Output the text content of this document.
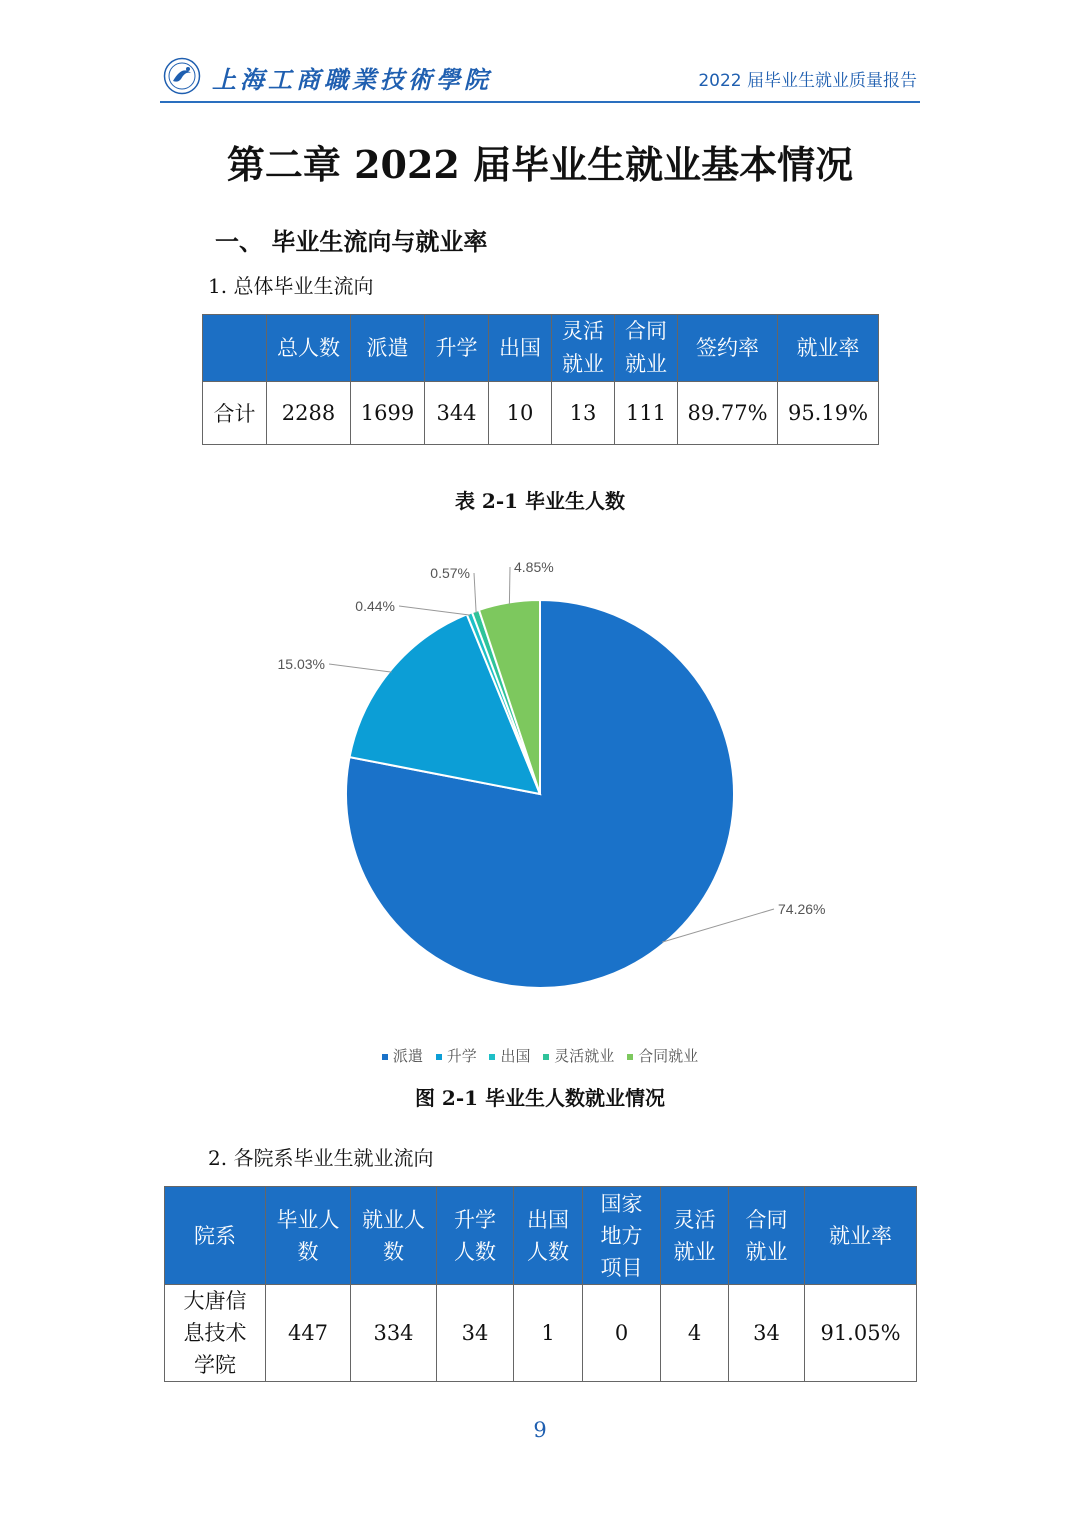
上海工商職業技術學院	2022 届毕业生就业质量报告
第二章 2022 届毕业生就业基本情况
一、 毕业生流向与就业率
1. 总体毕业生流向
	总人数	派遣	升学	出国	灵活就业	合同就业	签约率	就业率
合计	2288	1699	344	10	13	111	89.77%	95.19%
表 2-1 毕业生人数
74.26%
15.03%
0.44%
0.57%	4.85%
派遣 升学 出国 灵活就业 合同就业
图 2-1 毕业生人数就业情况
2. 各院系毕业生就业流向
院系	毕业人数	就业人数	升学人数	出国人数	国家地方项目	灵活就业	合同就业	就业率

大唐信息技术学院	447	334	34	1	0	4	34	91.05%
9
